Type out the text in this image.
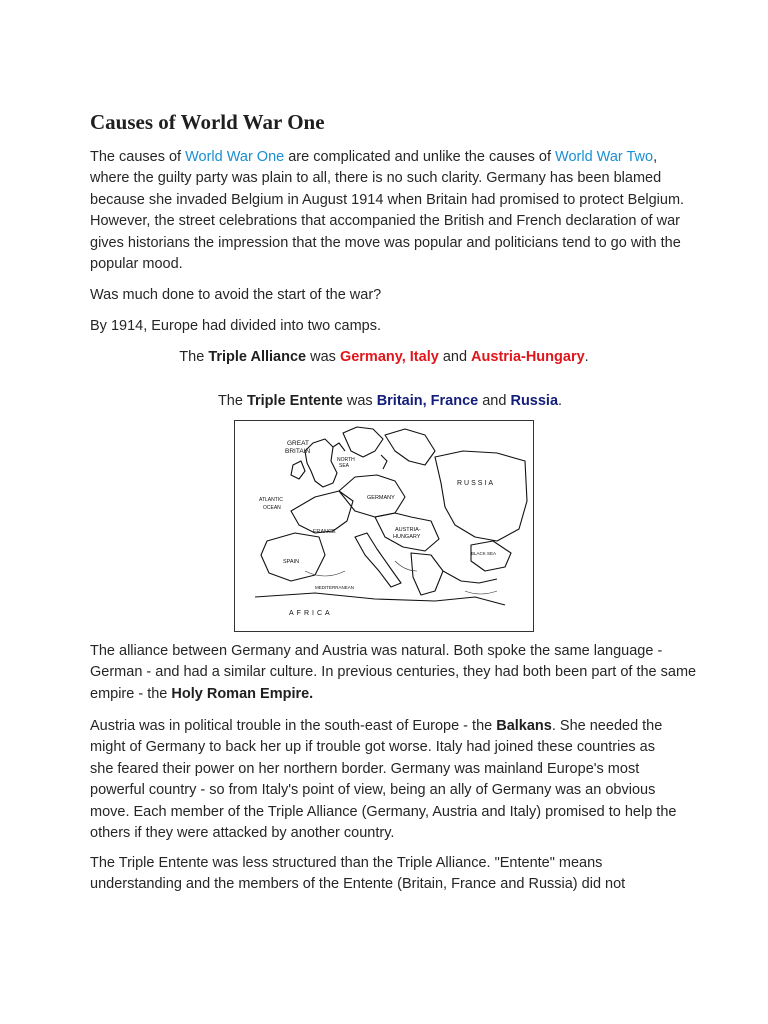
Causes of World War One

The causes of World War One are complicated and unlike the causes of World War Two, where the guilty party was plain to all, there is no such clarity. Germany has been blamed because she invaded Belgium in August 1914 when Britain had promised to protect Belgium. However, the street celebrations that accompanied the British and French declaration of war gives historians the impression that the move was popular and politicians tend to go with the popular mood.

Was much done to avoid the start of the war?

By 1914, Europe had divided into two camps.

The Triple Alliance was Germany, Italy and Austria-Hungary.

The Triple Entente was Britain, France and Russia.

GREAT
BRITAIN
NORTH
SEA
RUSSIA
ATLANTIC
OCEAN
GERMANY
FRANCE	AUSTRIA-
HUNGARY
SPAIN
BLACK SEA
AFRICA
MEDITERRANEAN

The alliance between Germany and Austria was natural. Both spoke the same language - German - and had a similar culture. In previous centuries, they had both been part of the same empire - the Holy Roman Empire.

Austria was in political trouble in the south-east of Europe - the Balkans. She needed the might of Germany to back her up if trouble got worse. Italy had joined these countries as she feared their power on her northern border. Germany was mainland Europe's most powerful country - so from Italy's point of view, being an ally of Germany was an obvious move. Each member of the Triple Alliance (Germany, Austria and Italy) promised to help the others if they were attacked by another country.

The Triple Entente was less structured than the Triple Alliance. "Entente" means understanding and the members of the Entente (Britain, France and Russia) did not
